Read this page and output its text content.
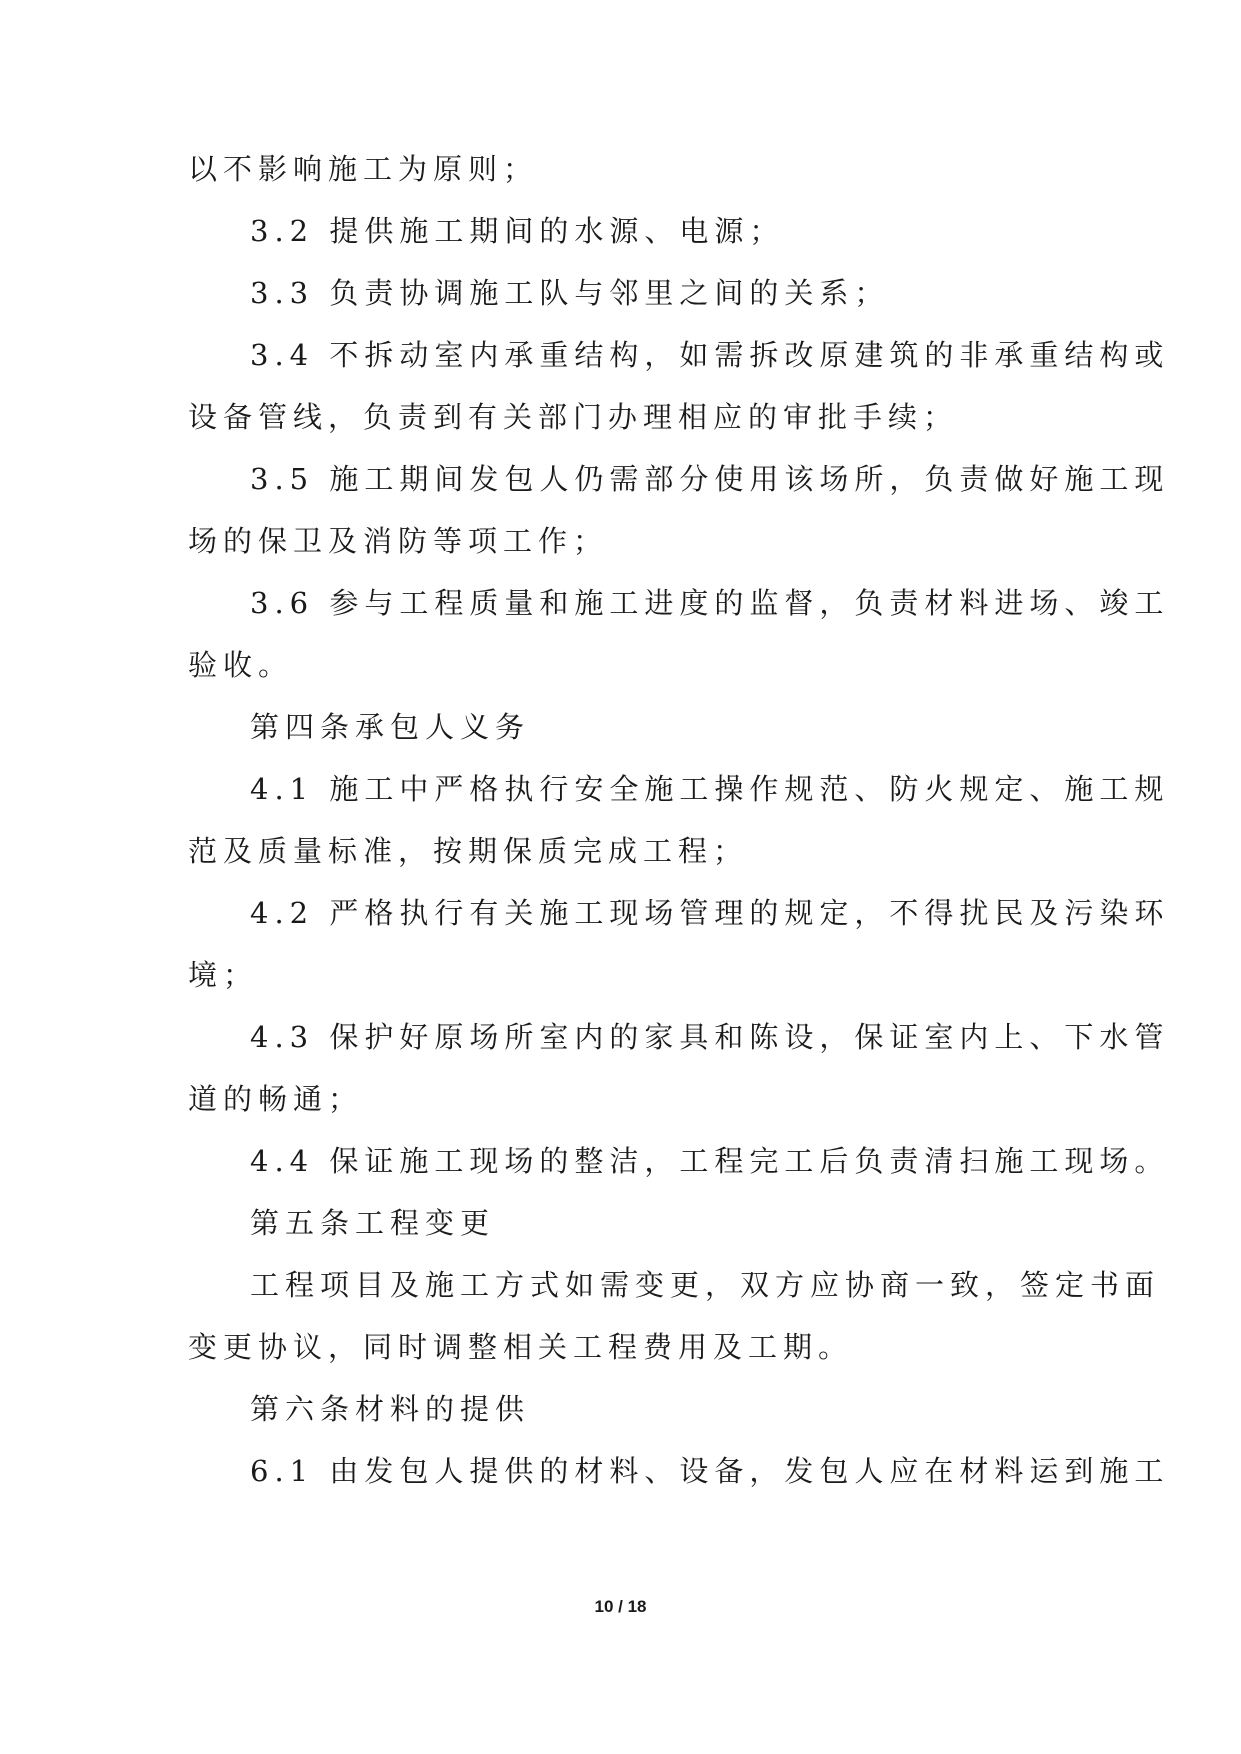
以不影响施工为原则；
3.2 提供施工期间的水源、电源；
3.3 负责协调施工队与邻里之间的关系；
3.4 不拆动室内承重结构，如需拆改原建筑的非承重结构或
设备管线，负责到有关部门办理相应的审批手续；
3.5 施工期间发包人仍需部分使用该场所，负责做好施工现
场的保卫及消防等项工作；
3.6 参与工程质量和施工进度的监督，负责材料进场、竣工
验收。
第四条承包人义务
4.1 施工中严格执行安全施工操作规范、防火规定、施工规
范及质量标准，按期保质完成工程；
4.2 严格执行有关施工现场管理的规定，不得扰民及污染环
境；
4.3 保护好原场所室内的家具和陈设，保证室内上、下水管
道的畅通；
4.4 保证施工现场的整洁，工程完工后负责清扫施工现场。
第五条工程变更
工程项目及施工方式如需变更，双方应协商一致，签定书面
变更协议，同时调整相关工程费用及工期。
第六条材料的提供
6.1 由发包人提供的材料、设备，发包人应在材料运到施工
10 / 18
